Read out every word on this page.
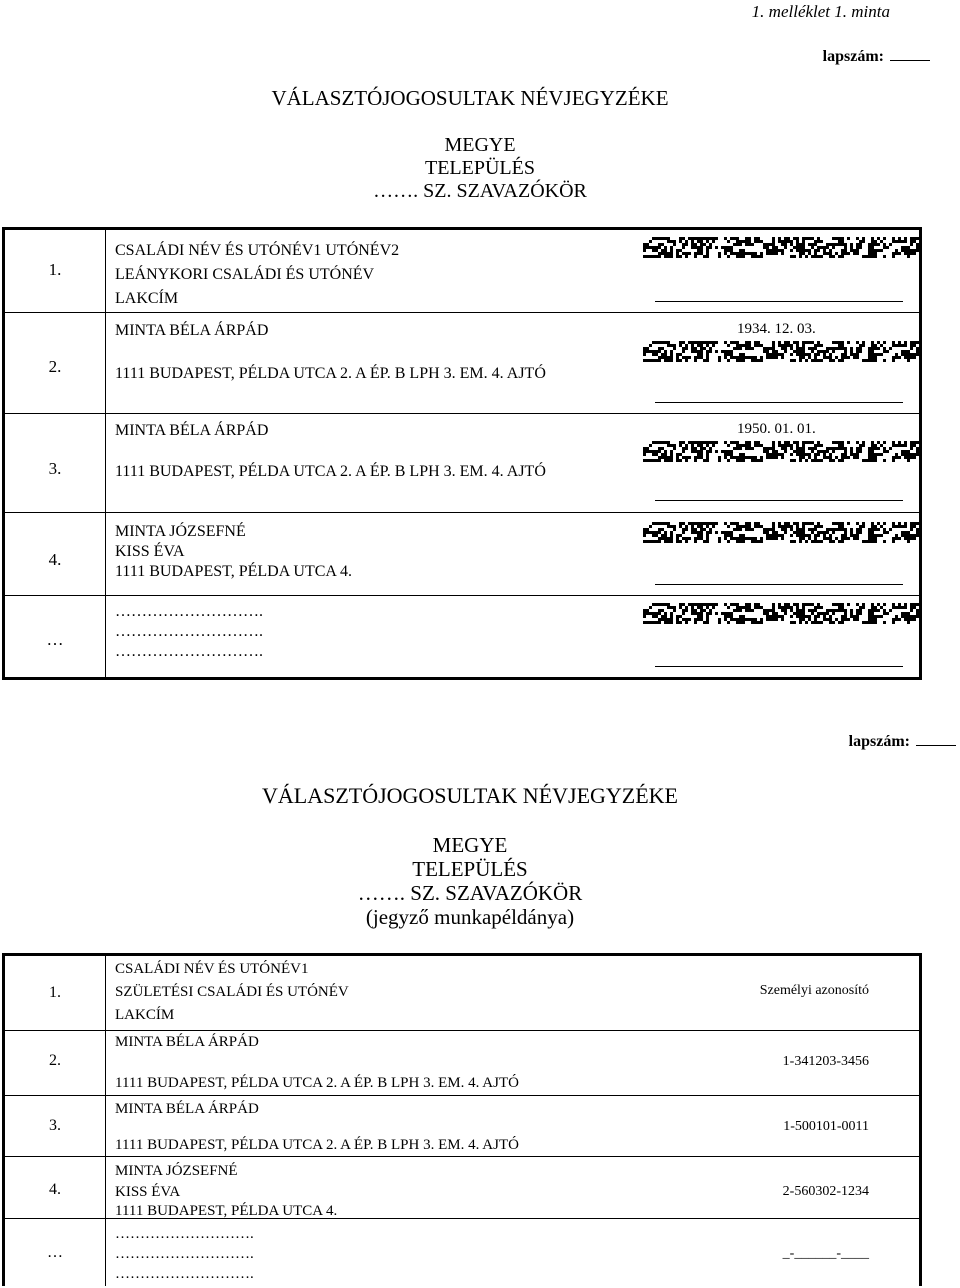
1. melléklet 1. minta
lapszám:
VÁLASZTÓJOGOSULTAK NÉVJEGYZÉKE
MEGYE
TELEPÜLÉS
……. SZ. SZAVAZÓKÖR
1.
CSALÁDI NÉV ÉS UTÓNÉV1 UTÓNÉV2
LEÁNYKORI CSALÁDI ÉS UTÓNÉV
LAKCÍM
2.
MINTA BÉLA ÁRPÁD
1111 BUDAPEST, PÉLDA UTCA 2. A ÉP. B LPH 3. EM. 4. AJTÓ
1934. 12. 03.
3.
MINTA BÉLA ÁRPÁD
1111 BUDAPEST, PÉLDA UTCA 2. A ÉP. B LPH 3. EM. 4. AJTÓ
1950. 01. 01.
4.
MINTA JÓZSEFNÉ
KISS ÉVA
1111 BUDAPEST, PÉLDA UTCA 4.
…
……………………….
……………………….
……………………….
lapszám:
VÁLASZTÓJOGOSULTAK NÉVJEGYZÉKE
MEGYE
TELEPÜLÉS
……. SZ. SZAVAZÓKÖR
(jegyző munkapéldánya)
1.
CSALÁDI NÉV ÉS UTÓNÉV1
SZÜLETÉSI CSALÁDI ÉS UTÓNÉV
LAKCÍM
Személyi azonosító
2.
MINTA BÉLA ÁRPÁD
1111 BUDAPEST, PÉLDA UTCA 2. A ÉP. B LPH 3. EM. 4. AJTÓ
1-341203-3456
3.
MINTA BÉLA ÁRPÁD
1111 BUDAPEST, PÉLDA UTCA 2. A ÉP. B LPH 3. EM. 4. AJTÓ
1-500101-0011
4.
MINTA JÓZSEFNÉ
KISS ÉVA
1111 BUDAPEST, PÉLDA UTCA 4.
2-560302-1234
…
……………………….
……………………….
……………………….
_-______-____
